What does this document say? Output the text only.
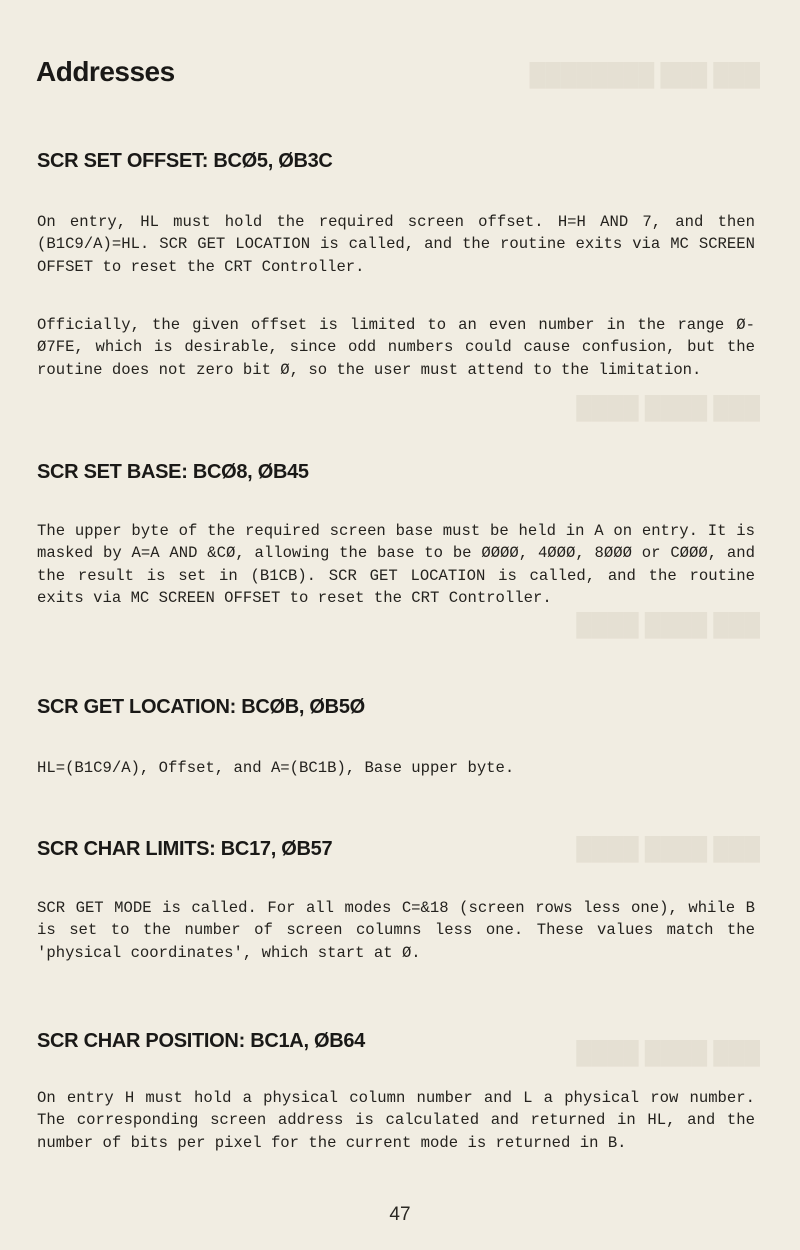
███ ███ ████████
███ ████ ████
███ ████ ████
███ ████ ████
███ ████ ████
Addresses
SCR SET OFFSET: BCØ5, ØB3C

On entry, HL must hold the required screen offset. H=H AND 7, and then (B1C9/A)=HL. SCR GET LOCATION is called, and the routine exits via MC SCREEN OFFSET to reset the CRT Controller.

Officially, the given offset is limited to an even number in the range Ø-Ø7FE, which is desirable, since odd numbers could cause confusion, but the routine does not zero bit Ø, so the user must attend to the limitation.

SCR SET BASE: BCØ8, ØB45

The upper byte of the required screen base must be held in A on entry. It is masked by A=A AND &CØ, allowing the base to be ØØØØ, 4ØØØ, 8ØØØ or CØØØ, and the result is set in (B1CB). SCR GET LOCATION is called, and the routine exits via MC SCREEN OFFSET to reset the CRT Controller.

SCR GET LOCATION: BCØB, ØB5Ø

HL=(B1C9/A), Offset, and A=(BC1B), Base upper byte.

SCR CHAR LIMITS: BC17, ØB57

SCR GET MODE is called. For all modes C=&18 (screen rows less one), while B is set to the number of screen columns less one. These values match the 'physical coordinates', which start at Ø.

SCR CHAR POSITION: BC1A, ØB64

On entry H must hold a physical column number and L a physical row number. The corresponding screen address is calculated and returned in HL, and the number of bits per pixel for the current mode is returned in B.

47
